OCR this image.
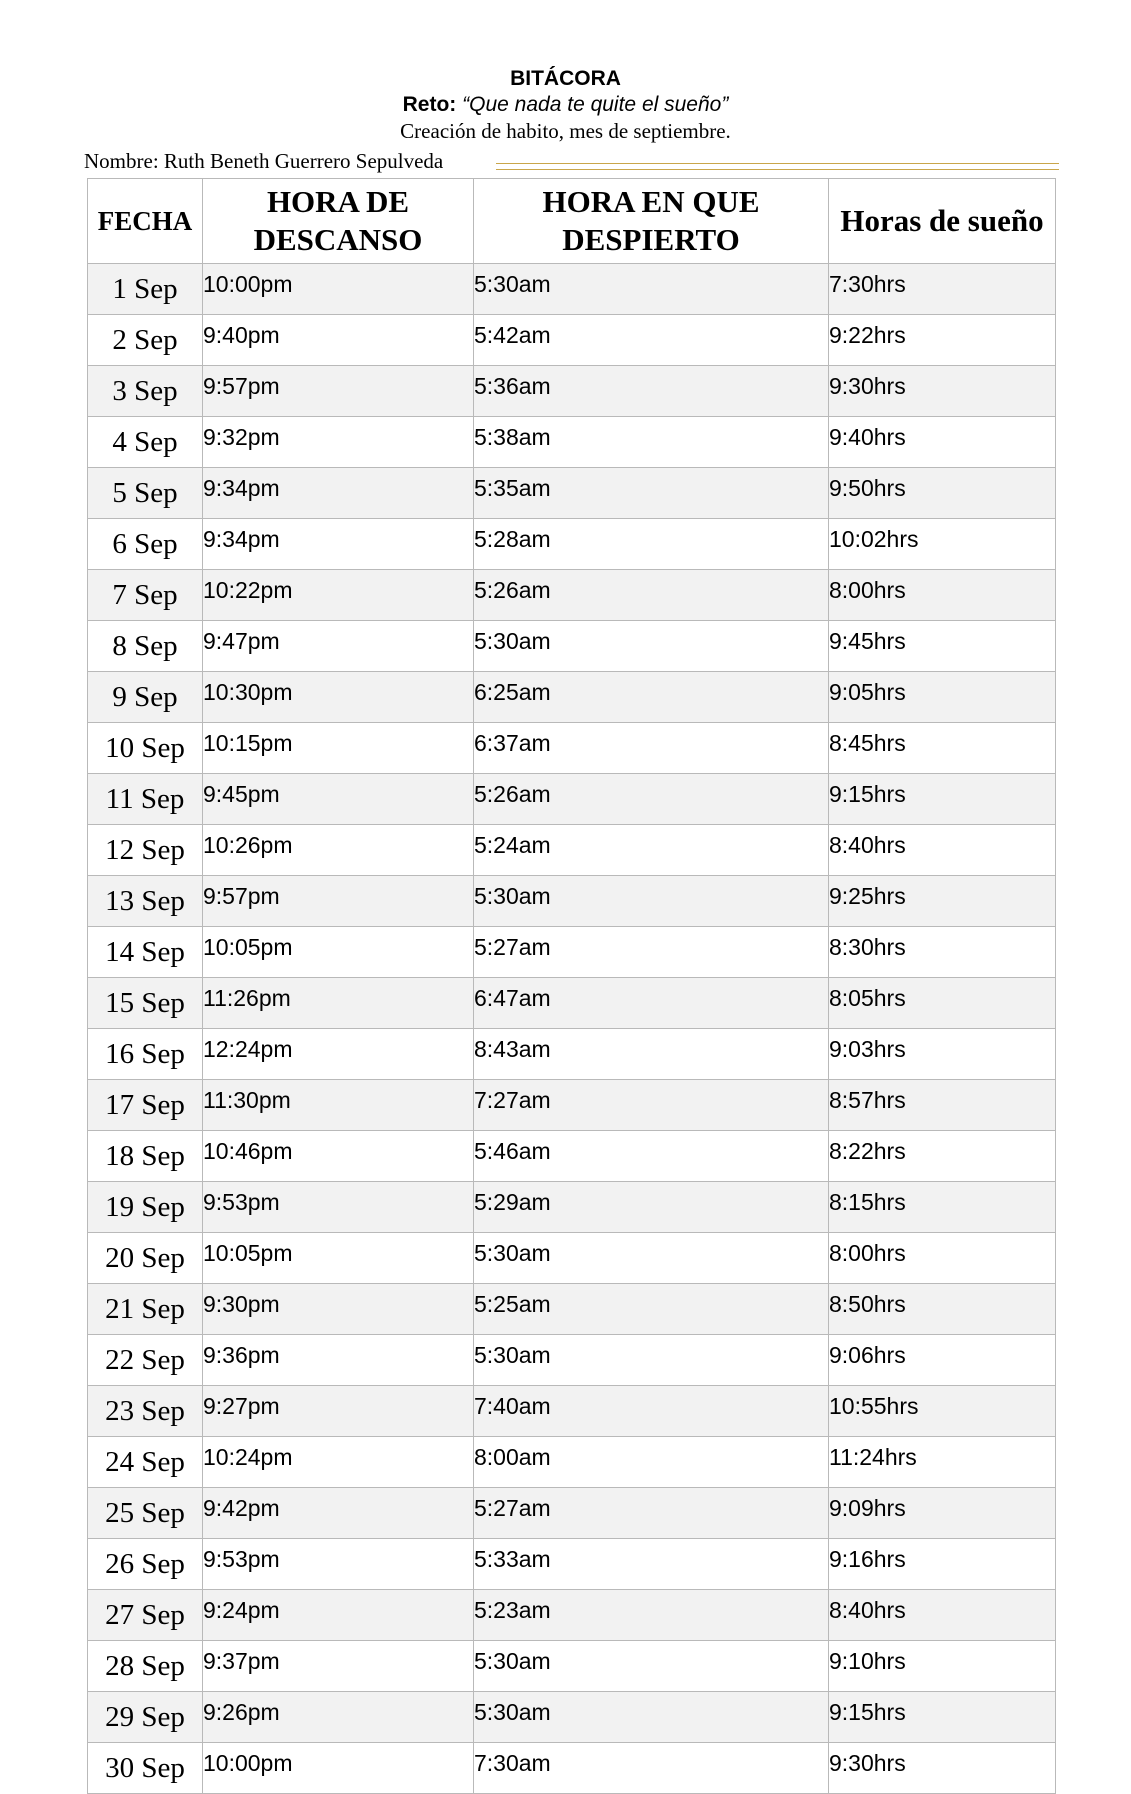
BITÁCORA
Reto: “Que nada te quite el sueño”
Creación de habito, mes de septiembre.
Nombre: Ruth Beneth Guerrero Sepulveda
FECHA	HORA DE DESCANSO	HORA EN QUE DESPIERTO	Horas de sueño
1 Sep	10:00pm	5:30am	7:30hrs
2 Sep	9:40pm	5:42am	9:22hrs
3 Sep	9:57pm	5:36am	9:30hrs
4 Sep	9:32pm	5:38am	9:40hrs
5 Sep	9:34pm	5:35am	9:50hrs
6 Sep	9:34pm	5:28am	10:02hrs
7 Sep	10:22pm	5:26am	8:00hrs
8 Sep	9:47pm	5:30am	9:45hrs
9 Sep	10:30pm	6:25am	9:05hrs
10 Sep	10:15pm	6:37am	8:45hrs
11 Sep	9:45pm	5:26am	9:15hrs
12 Sep	10:26pm	5:24am	8:40hrs
13 Sep	9:57pm	5:30am	9:25hrs
14 Sep	10:05pm	5:27am	8:30hrs
15 Sep	11:26pm	6:47am	8:05hrs
16 Sep	12:24pm	8:43am	9:03hrs
17 Sep	11:30pm	7:27am	8:57hrs
18 Sep	10:46pm	5:46am	8:22hrs
19 Sep	9:53pm	5:29am	8:15hrs
20 Sep	10:05pm	5:30am	8:00hrs
21 Sep	9:30pm	5:25am	8:50hrs
22 Sep	9:36pm	5:30am	9:06hrs
23 Sep	9:27pm	7:40am	10:55hrs
24 Sep	10:24pm	8:00am	11:24hrs
25 Sep	9:42pm	5:27am	9:09hrs
26 Sep	9:53pm	5:33am	9:16hrs
27 Sep	9:24pm	5:23am	8:40hrs
28 Sep	9:37pm	5:30am	9:10hrs
29 Sep	9:26pm	5:30am	9:15hrs
30 Sep	10:00pm	7:30am	9:30hrs
